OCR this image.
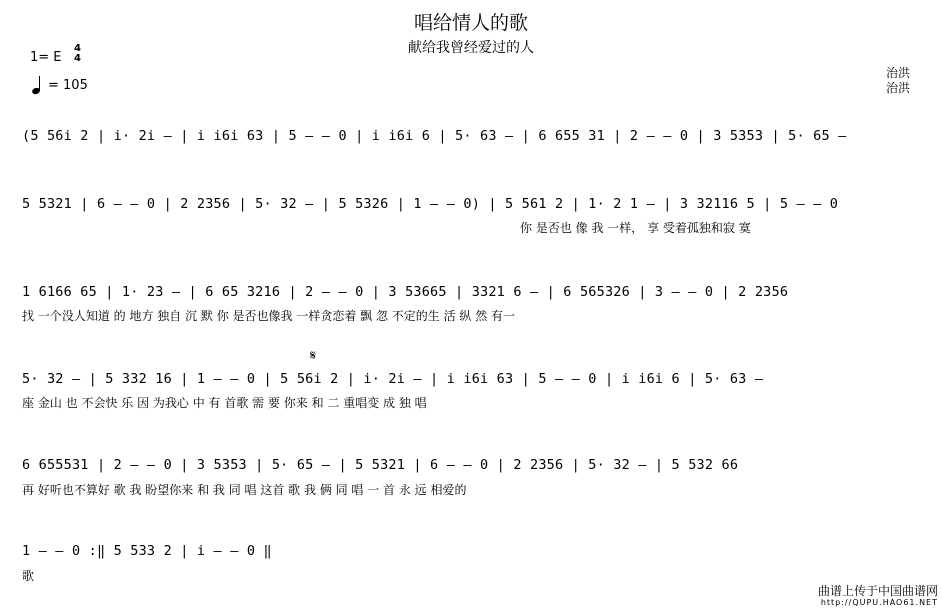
唱给情人的歌
献给我曾经爱过的人
1= E
4
4
= 105
治洪
治洪
(5 56i 2 | i· 2i – | i i6i 63 | 5 – – 0 | i i6i 6 | 5· 63 – | 6 655 31 | 2 – – 0 | 3 5353 | 5· 65 –
5 5321 | 6 – – 0 | 2 2356 | 5· 32 – | 5 5326 | 1 – – 0) | 5 561 2 | 1· 2 1 – | 3 32116 5 | 5 – – 0
你 是否也 像 我 一样， 享 受着孤独和寂 寞
1 6166 65 | 1· 23 – | 6 65 3216 | 2 – – 0 | 3 53665 | 3321 6 – | 6 565326 | 3 – – 0 | 2 2356
找 一个没人知道 的 地方 独自 沉 默 你 是否也像我 一样贪恋着 飘 忽 不定的生 活 纵 然 有一
𝄋
5· 32 – | 5 332 16 | 1 – – 0 | 5 56i 2 | i· 2i – | i i6i 63 | 5 – – 0 | i i6i 6 | 5· 63 –
座 金山 也 不会快 乐 因 为我心 中 有 首歌 需 要 你来 和 二 重唱变 成 独 唱
6 655531 | 2 – – 0 | 3 5353 | 5· 65 – | 5 5321 | 6 – – 0 | 2 2356 | 5· 32 – | 5 532 66
再 好听也不算好 歌 我 盼望你来 和 我 同 唱 这首 歌 我 俩 同 唱 一 首 永 远 相爱的
1 – – 0 :‖ 5 533 2 | i – – 0 ‖
歌
曲谱上传于中国曲谱网
http://QUPU.HAO61.NET
